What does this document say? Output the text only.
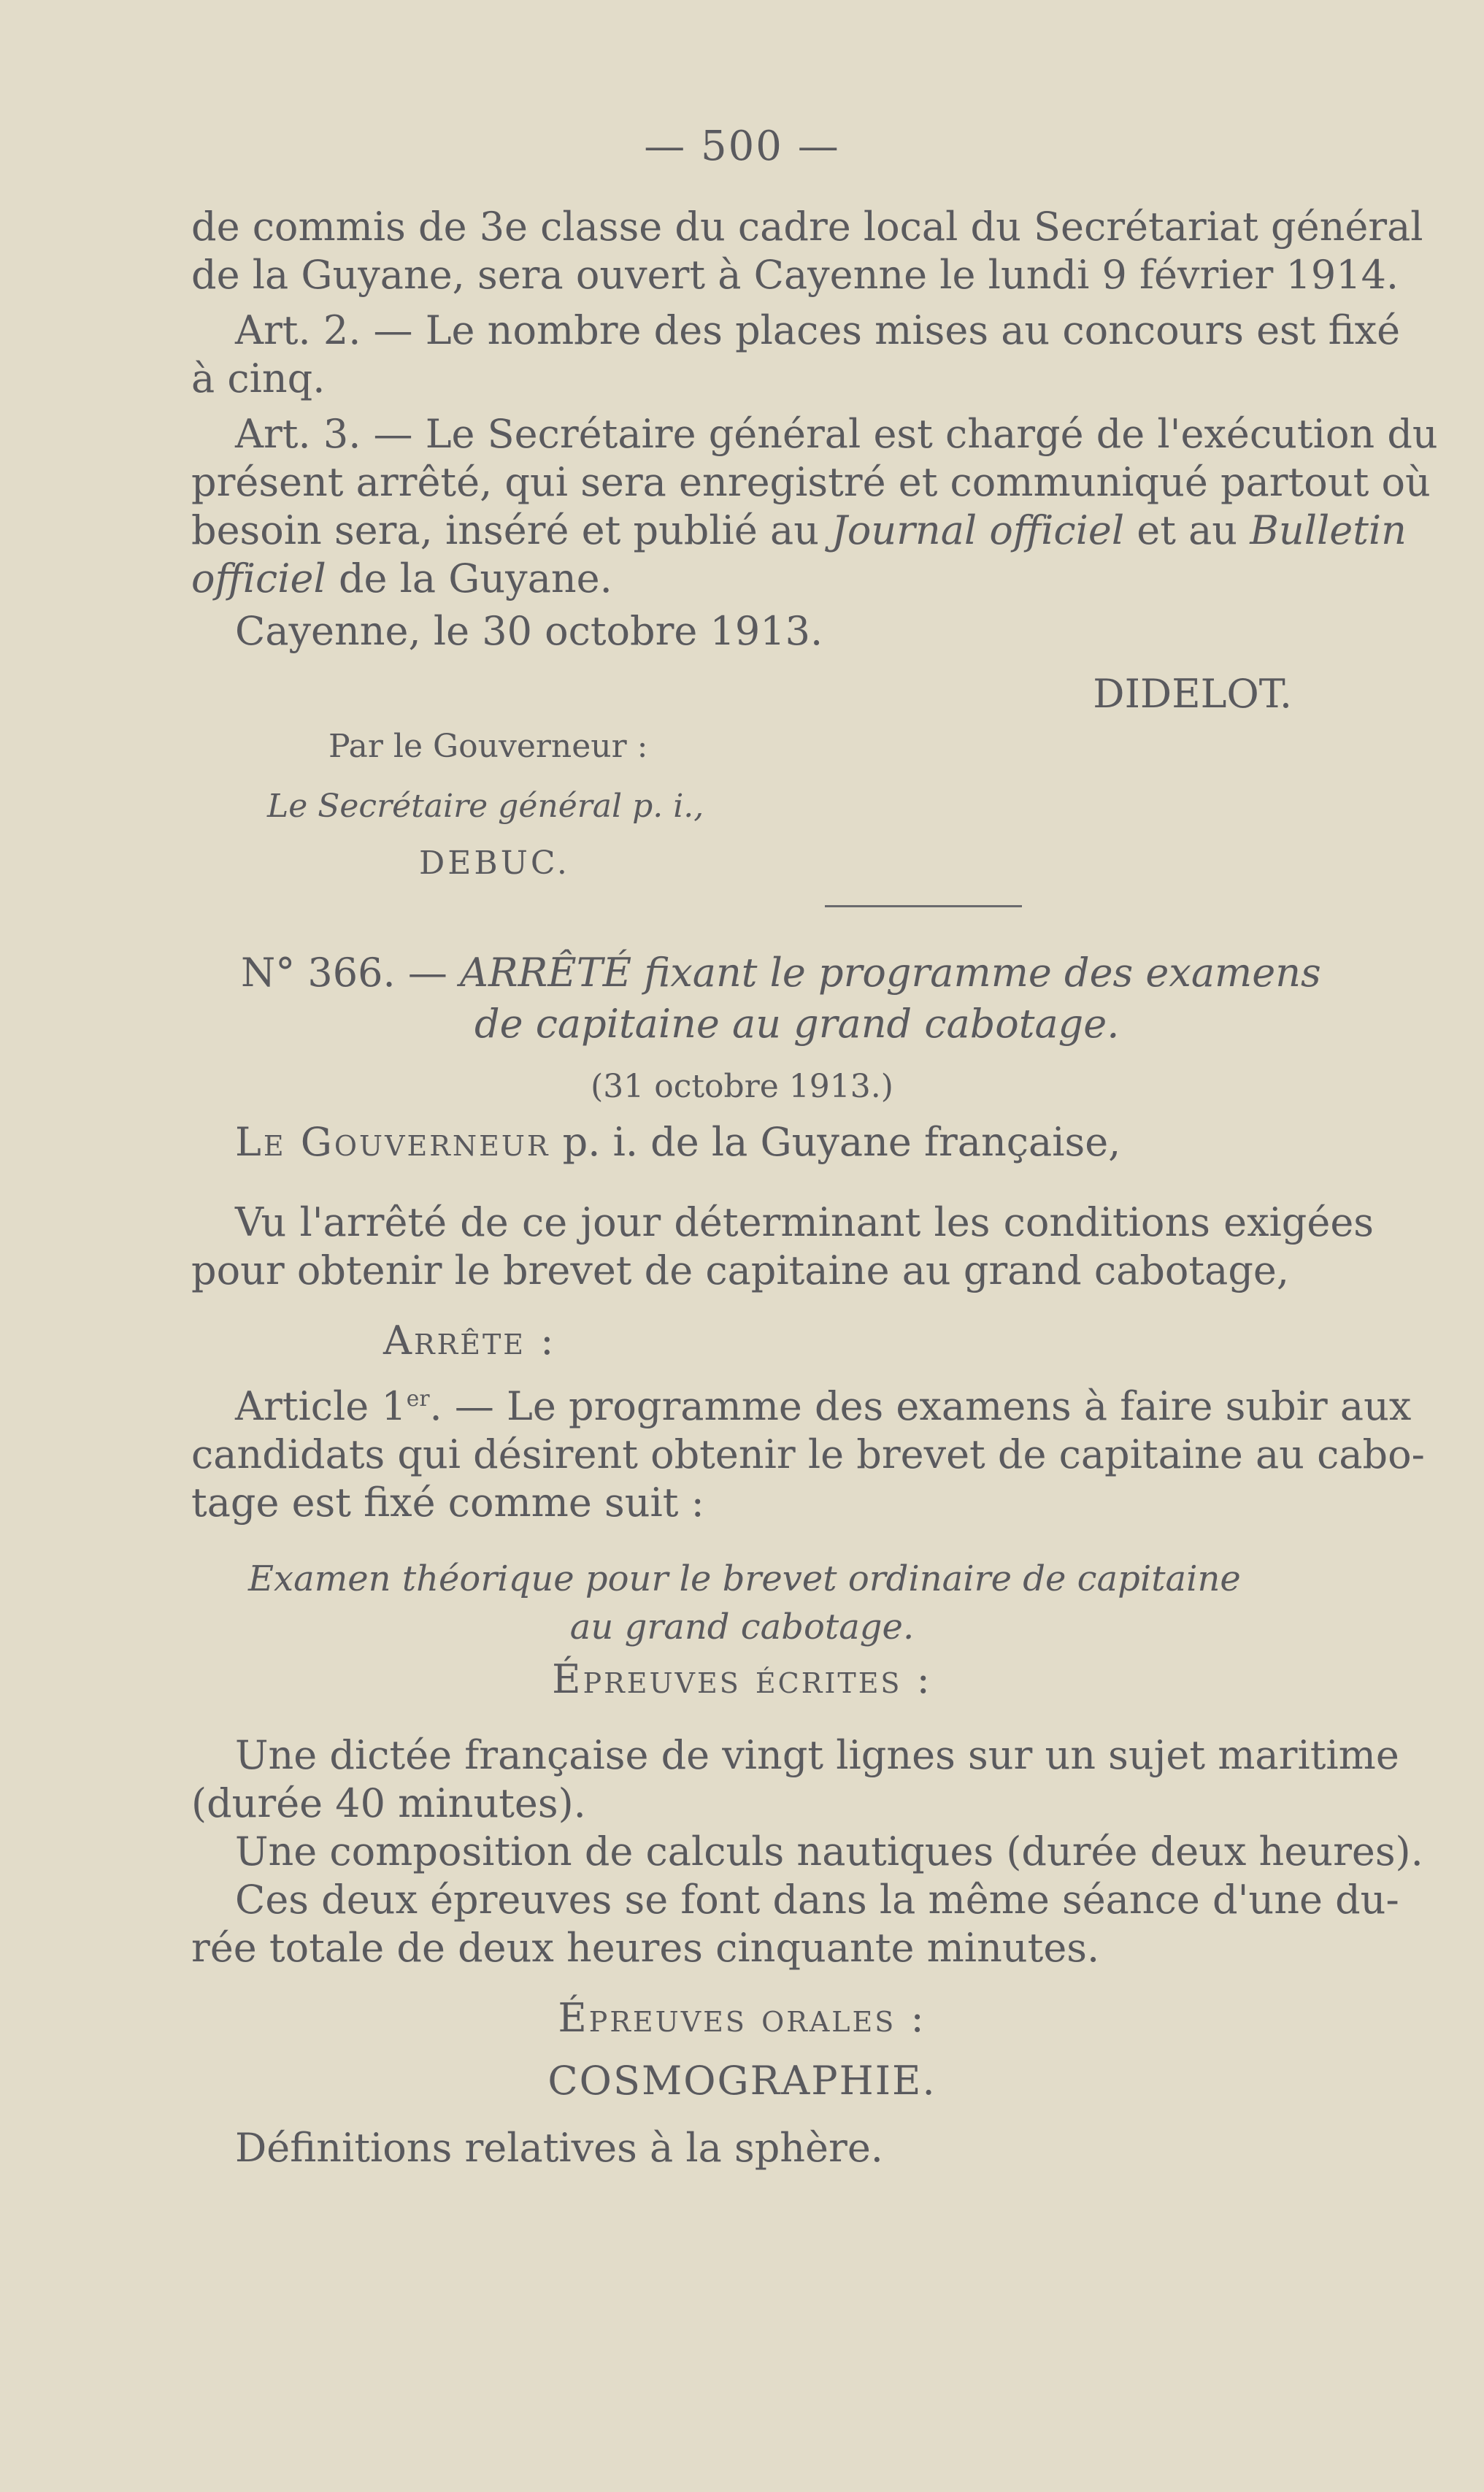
— 500 —
de commis de 3e classe du cadre local du Secrétariat général
de la Guyane, sera ouvert à Cayenne le lundi 9 février 1914.
Art. 2. — Le nombre des places mises au concours est fixé
à cinq.
Art. 3. — Le Secrétaire général est chargé de l'exécution du
présent arrêté, qui sera enregistré et communiqué partout où
besoin sera, inséré et publié au Journal officiel et au Bulletin
officiel de la Guyane.
Cayenne, le 30 octobre 1913.
DIDELOT.
Par le Gouverneur :
Le Secrétaire général p. i.,
DEBUC.
N° 366. — ARRÊTÉ fixant le programme des examens
de capitaine au grand cabotage.
(31 octobre 1913.)
Le Gouverneur p. i. de la Guyane française,
Vu l'arrêté de ce jour déterminant les conditions exigées
pour obtenir le brevet de capitaine au grand cabotage,
Arrête :
Article 1er. — Le programme des examens à faire subir aux
candidats qui désirent obtenir le brevet de capitaine au cabo-
tage est fixé comme suit :
Examen théorique pour le brevet ordinaire de capitaine
au grand cabotage.
Épreuves écrites :
Une dictée française de vingt lignes sur un sujet maritime
(durée 40 minutes).
Une composition de calculs nautiques (durée deux heures).
Ces deux épreuves se font dans la même séance d'une du-
rée totale de deux heures cinquante minutes.
Épreuves orales :
COSMOGRAPHIE.
Définitions relatives à la sphère.
